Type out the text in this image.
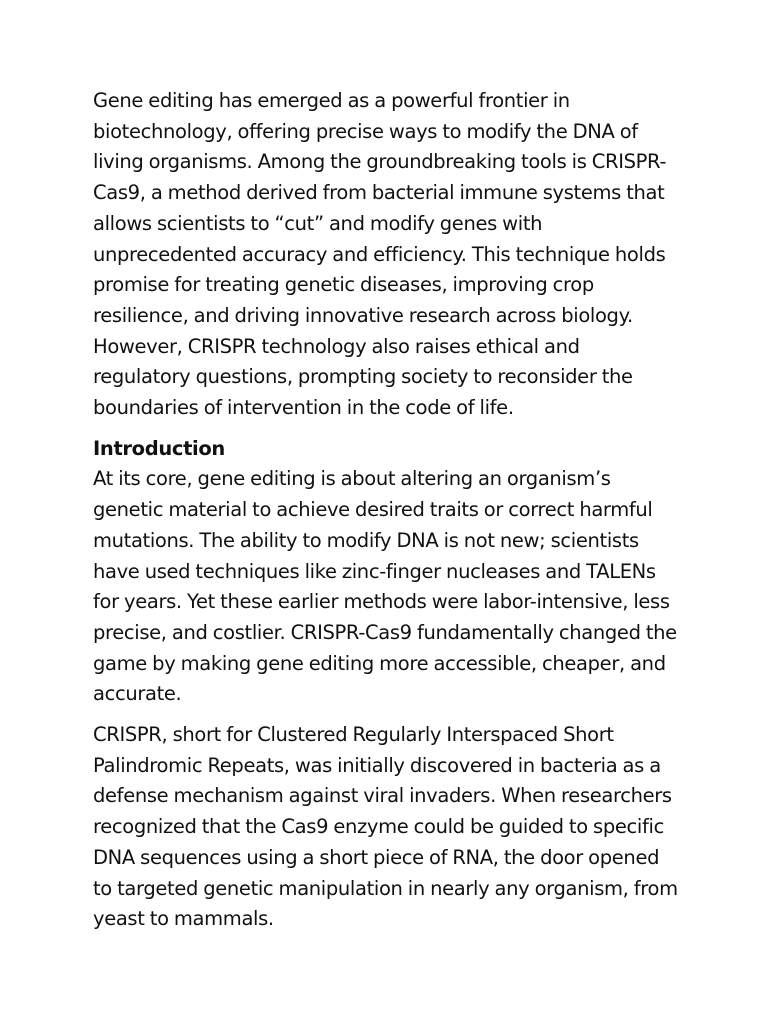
Gene editing has emerged as a powerful frontier in biotechnology, offering precise ways to modify the DNA of living organisms. Among the groundbreaking tools is CRISPR-Cas9, a method derived from bacterial immune systems that allows scientists to “cut” and modify genes with unprecedented accuracy and efficiency. This technique holds promise for treating genetic diseases, improving crop resilience, and driving innovative research across biology. However, CRISPR technology also raises ethical and regulatory questions, prompting society to reconsider the boundaries of intervention in the code of life.

Introduction

At its core, gene editing is about altering an organism’s genetic material to achieve desired traits or correct harmful mutations. The ability to modify DNA is not new; scientists have used techniques like zinc-finger nucleases and TALENs for years. Yet these earlier methods were labor-intensive, less precise, and costlier. CRISPR-Cas9 fundamentally changed the game by making gene editing more accessible, cheaper, and accurate.

CRISPR, short for Clustered Regularly Interspaced Short Palindromic Repeats, was initially discovered in bacteria as a defense mechanism against viral invaders. When researchers recognized that the Cas9 enzyme could be guided to specific DNA sequences using a short piece of RNA, the door opened to targeted genetic manipulation in nearly any organism, from yeast to mammals.
